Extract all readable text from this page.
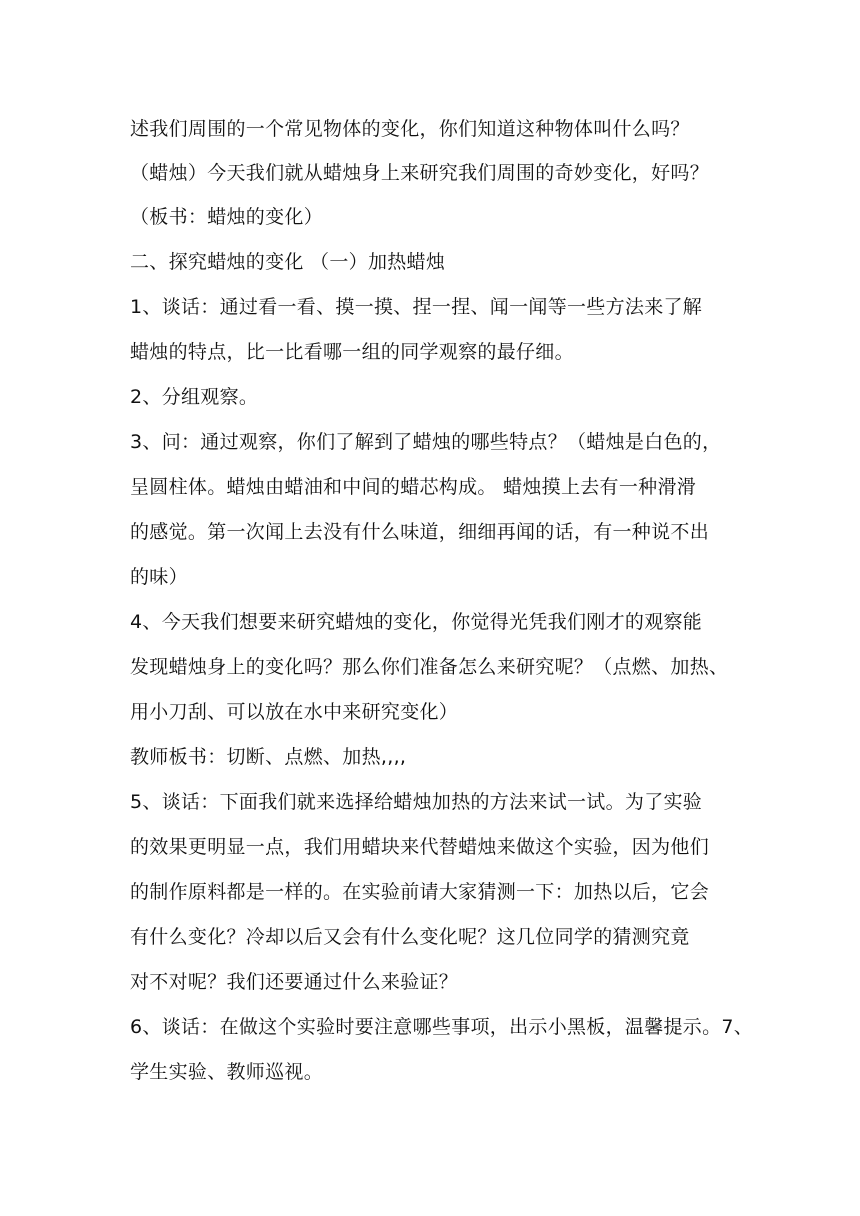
述我们周围的一个常见物体的变化，你们知道这种物体叫什么吗？
（蜡烛）今天我们就从蜡烛身上来研究我们周围的奇妙变化，好吗？
（板书：蜡烛的变化）
二、探究蜡烛的变化 （一）加热蜡烛
1、谈话：通过看一看、摸一摸、捏一捏、闻一闻等一些方法来了解
蜡烛的特点，比一比看哪一组的同学观察的最仔细。
2、分组观察。
3、问：通过观察，你们了解到了蜡烛的哪些特点？（蜡烛是白色的，
呈圆柱体。蜡烛由蜡油和中间的蜡芯构成。 蜡烛摸上去有一种滑滑
的感觉。第一次闻上去没有什么味道，细细再闻的话，有一种说不出
的味）
4、今天我们想要来研究蜡烛的变化，你觉得光凭我们刚才的观察能
发现蜡烛身上的变化吗？那么你们准备怎么来研究呢？（点燃、加热、
用小刀刮、可以放在水中来研究变化）
教师板书：切断、点燃、加热,,,,
5、谈话：下面我们就来选择给蜡烛加热的方法来试一试。为了实验
的效果更明显一点，我们用蜡块来代替蜡烛来做这个实验，因为他们
的制作原料都是一样的。在实验前请大家猜测一下：加热以后，它会
有什么变化？冷却以后又会有什么变化呢？这几位同学的猜测究竟
对不对呢？我们还要通过什么来验证？
6、谈话：在做这个实验时要注意哪些事项，出示小黑板，温馨提示。7、
学生实验、教师巡视。
